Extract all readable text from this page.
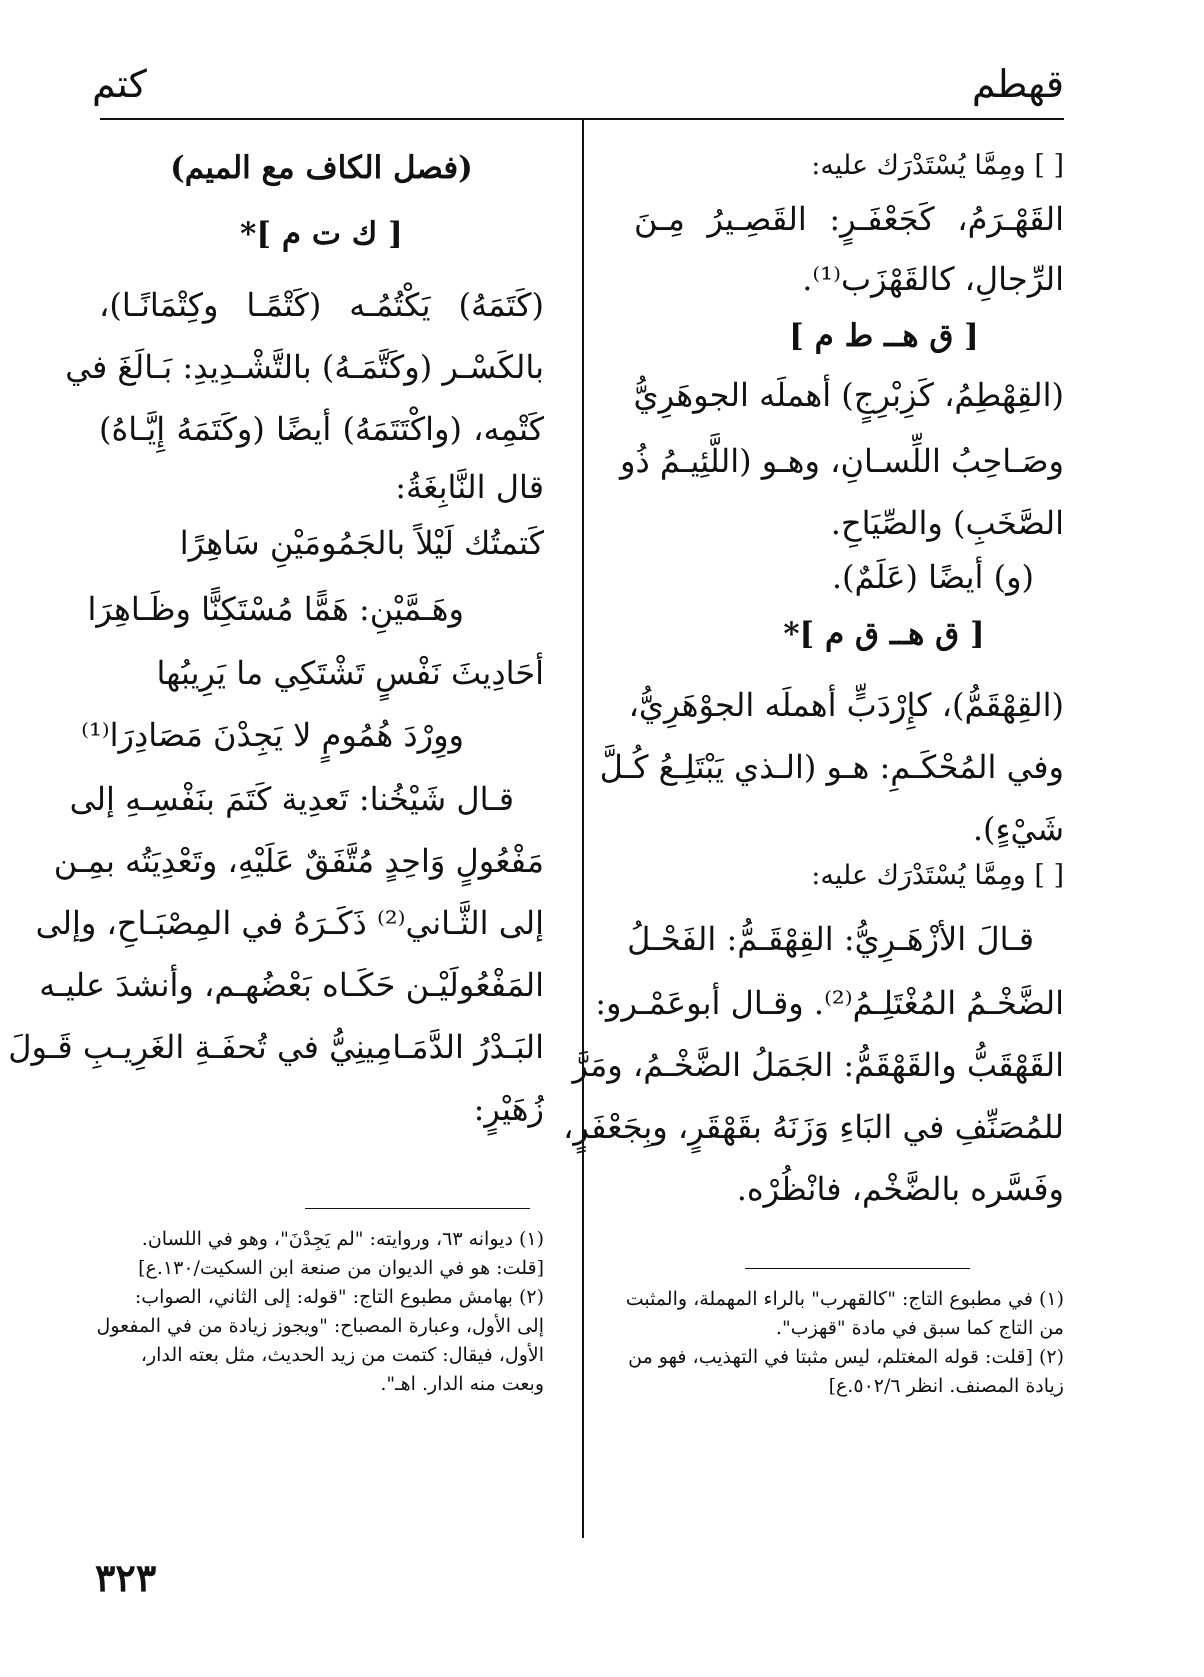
قهطم
كتم
[ ] ومِمَّا يُسْتَدْرَك عليه:
القَهْـرَمُ، كَجَعْفَـرٍ: القَصِـيرُ مِـنَ
الرِّجالِ، كالقَهْزَب⁽¹⁾.
[ ق هــ ط م ]
(القِهْطِمُ، كَزِبْرِجٍ) أهملَه الجوهَرِيُّ
وصَـاحِبُ اللِّسـانِ، وهـو (اللَّئِيـمُ ذُو
الصَّخَبِ) والصِّيَاحِ.
(و) أيضًا (عَلَمٌ).
[ ق هــ ق م ]*
(القِهْقَمُّ)، كإِرْدَبٍّ أهملَه الجوْهَرِيُّ،
وفي المُحْكَـمِ: هـو (الـذي يَبْتَلِـعُ كُـلَّ
شَيْءٍ).
[ ] ومِمَّا يُسْتَدْرَك عليه:
قـالَ الأزْهَـرِيُّ: القِهْقَـمُّ: الفَحْـلُ
الضَّخْـمُ المُغْتَلِـمُ⁽²⁾. وقـال أبوعَمْـرو:
القَهْقَبُّ والقَهْقَمُّ: الجَمَلُ الضَّخْـمُ، ومَرَّ
للمُصَنِّفِ في البَاءِ وَزَنَهُ بقَهْقَرٍ، وبِجَعْفَرٍ،
وفَسَّره بالضَّخْم، فانْظُرْه.
(فصل الكاف مع الميم)
[ ك ت م ]*
(كَتَمَهُ) يَكْتُمُـه (كَتْمًـا وكِتْمَانًـا)،
بالكَسْـر (وكَتَّمَـهُ) بالتَّشْـدِيدِ: بَـالَغَ في
كَتْمِه، (واكْتَتَمَهُ) أيضًا (وكَتَمَهُ إِيَّـاهُ)
قال النَّابِغَةُ:
كَتمتُك لَيْلاً بالجَمُومَيْنِ سَاهِرًا
وهَـمَّيْنِ: هَمًّا مُسْتَكِنًّا وظَـاهِرَا
أحَادِيثَ نَفْسٍ تَشْتَكِي ما يَرِيبُها
ووِرْدَ هُمُومٍ لا يَجِدْنَ مَصَادِرَا⁽¹⁾
قـال شَيْخُنا: تَعدِية كَتَمَ بنَفْسِـهِ إلى
مَفْعُولٍ وَاحِدٍ مُتَّفَقٌ عَلَيْهِ، وتَعْدِيَتُه بمِـن
إلى الثَّـاني⁽²⁾ ذَكَـرَهُ في المِصْبَـاحِ، وإلى
المَفْعُولَيْـن حَكَـاه بَعْضُهـم، وأنشدَ عليـه
البَـدْرُ الدَّمَـامِينِيُّ في تُحفَـةِ الغَرِيـبِ قَـولَ
زُهَيْرٍ:
(١) في مطبوع التاج: "كالقهرب" بالراء المهملة، والمثبت
من التاج كما سبق في مادة "قهزب".
(٢) [قلت: قوله المغتلم، ليس مثبتا في التهذيب، فهو من
زيادة المصنف. انظر ٥٠٢/٦.ع]
(١) ديوانه ٦٣، وروايته: "لم يَجِدْنَ"، وهو في اللسان.
[قلت: هو في الديوان من صنعة ابن السكيت/١٣٠.ع]
(٢) بهامش مطبوع التاج: "قوله: إلى الثاني، الصواب:
إلى الأول، وعبارة المصباح: "ويجوز زيادة من في المفعول
الأول، فيقال: كتمت من زيد الحديث، مثل بعته الدار،
وبعت منه الدار. اهـ".
٣٢٣
